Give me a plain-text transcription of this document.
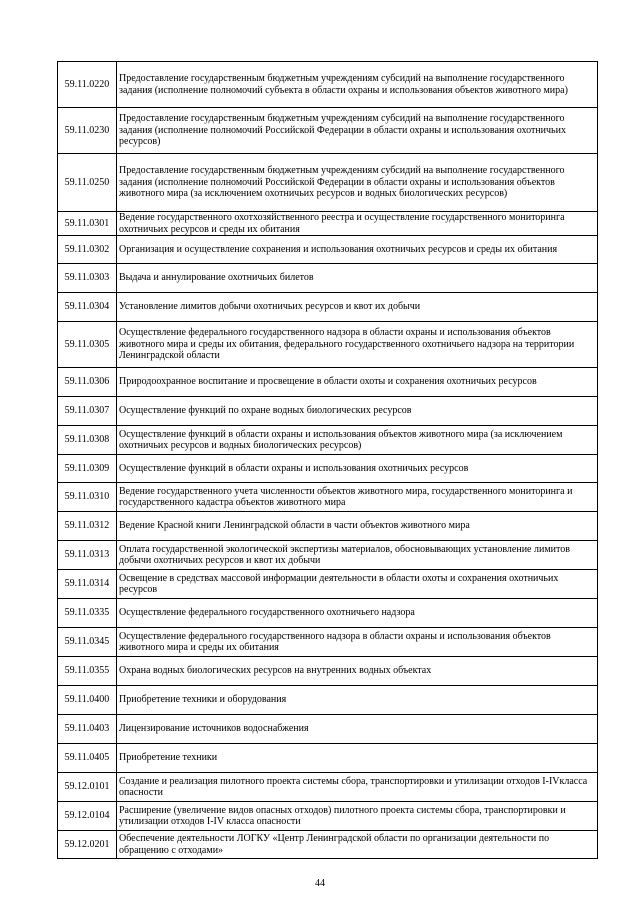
59.11.0220	Предоставление государственным бюджетным учреждениям субсидий на выполнение государственного задания (исполнение полномочий субъекта в области охраны и использования объектов животного мира)
59.11.0230	Предоставление государственным бюджетным учреждениям субсидий на выполнение государственного задания (исполнение полномочий Российской Федерации в области охраны и использования охотничьих ресурсов)
59.11.0250	Предоставление государственным бюджетным учреждениям субсидий на выполнение государственного задания (исполнение полномочий Российской Федерации в области охраны и использования объектов животного мира (за исключением охотничьих ресурсов и водных биологических ресурсов)
59.11.0301	Ведение государственного охотхозяйственного реестра и осуществление государственного мониторинга охотничьих ресурсов и среды их обитания
59.11.0302	Организация и осуществление сохранения и использования охотничьих ресурсов и среды их обитания
59.11.0303	Выдача и аннулирование охотничьих билетов
59.11.0304	Установление лимитов добычи охотничьих ресурсов и квот их добычи
59.11.0305	Осуществление федерального государственного надзора в области охраны и использования объектов животного мира и среды их обитания, федерального государственного охотничьего надзора на территории Ленинградской области
59.11.0306	Природоохранное воспитание и просвещение в области охоты и сохранения охотничьих ресурсов
59.11.0307	Осуществление функций по охране водных биологических ресурсов
59.11.0308	Осуществление функций в области охраны и использования объектов животного мира (за исключением охотничьих ресурсов и водных биологических ресурсов)
59.11.0309	Осуществление функций в области охраны и использования охотничьих ресурсов
59.11.0310	Ведение государственного учета численности объектов животного мира, государственного мониторинга и государственного кадастра объектов животного мира
59.11.0312	Ведение Красной книги Ленинградской области в части объектов животного мира
59.11.0313	Оплата государственной экологической экспертизы материалов, обосновывающих установление лимитов добычи охотничьих ресурсов и квот их добычи
59.11.0314	Освещение в средствах массовой информации деятельности в области охоты и сохранения охотничьих ресурсов
59.11.0335	Осуществление федерального государственного охотничьего надзора
59.11.0345	Осуществление федерального государственного надзора в области охраны и использования объектов животного мира и среды их обитания
59.11.0355	Охрана водных биологических ресурсов на внутренних водных объектах
59.11.0400	Приобретение техники и оборудования
59.11.0403	Лицензирование источников водоснабжения
59.11.0405	Приобретение техники
59.12.0101	Создание и реализация пилотного проекта системы сбора, транспортировки и утилизации отходов I-IVкласса опасности
59.12.0104	Расширение (увеличение видов опасных отходов) пилотного проекта системы сбора, транспортировки и утилизации отходов I-IV класса опасности
59.12.0201	Обеспечение деятельности ЛОГКУ «Центр Ленинградской области по организации деятельности по обращению с отходами»
44
